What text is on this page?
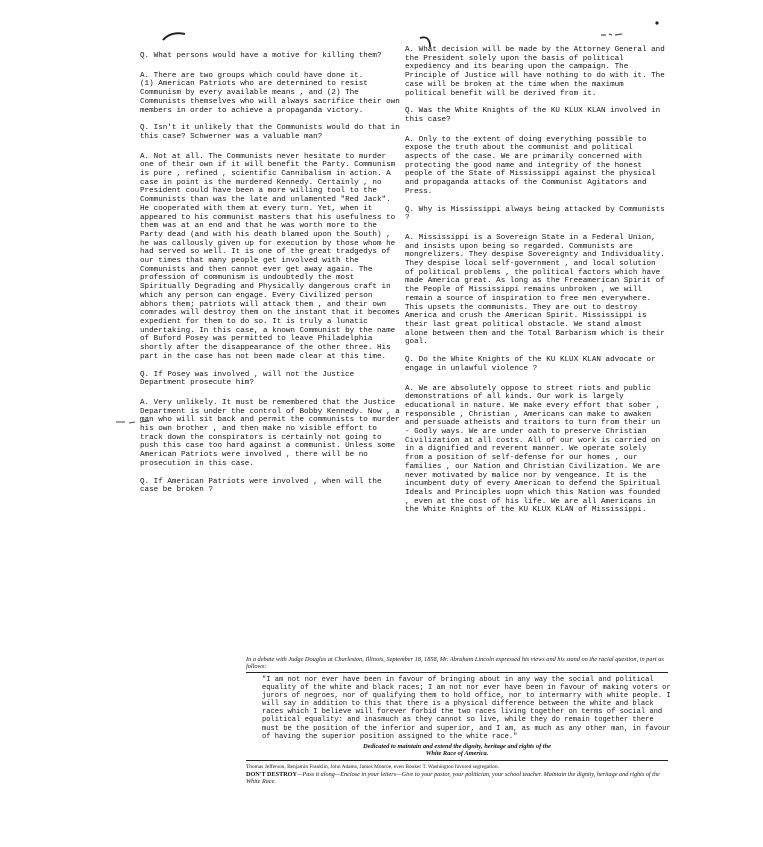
Q. What persons would have a motive for killing them?

A. There are two groups which could have done it.
(1) American Patriots who are determined to resist Communism by every available means , and (2) The Communists themselves who will always sacrifice their own members in order to achieve a propaganda victory.

Q. Isn't it unlikely that the Communists would do that in this case? Schwerner was a valuable man?

A. Not at all. The Communists never hesitate to murder one of their own if it will benefit the Party. Communism is pure , refined , scientific Cannibalism in action. A case in point is the murdered Kennedy. Certainly , no President could have been a more willing tool to the Communists than was the late and unlamented "Red Jack". He cooperated with them at every turn. Yet, when it appeared to his communist masters that his usefulness to them was at an end and that he was worth more to the Party dead (and with his death blamed upon the South) , he was callously given up for execution by those whom he had served so well. It is one of the great tradgedys of our times that many people get involved with the Communists and then cannot ever get away again. The profession of communism is undoubtedly the most Spiritually Degrading and Physically dangerous craft in which any person can engage. Every Civilized person abhors them; patriots will attack them , and their own comrades will destroy them on the instant that it becomes expedient for them to do so. It is truly a lunatic undertaking. In this case, a known Communist by the name of Buford Posey was permitted to leave Philadelphia shortly after the disappearance of the other three. His part in the case has not been made clear at this time.

Q. If Posey was involved , will not the Justice Department prosecute him?

A. Very unlikely. It must be remembered that the Justice Department is under the control of Bobby Kennedy. Now , a man who will sit back and permit the communists to murder his own brother , and then make no visible effort to track down the conspirators is certainly not going to push this case too hard against a communist. Unless some American Patriots were involved , there will be no prosecution in this case.

Q. If American Patriots were involved , when will the case be broken ?

A. What decision will be made by the Attorney General and the President solely upon the basis of political expediency and its bearing upon the campaign. The Principle of Justice will have nothing to do with it. The case will be broken at the time when the maximum political benefit will be derived from it.

Q. Was the White Knights of the KU KLUX KLAN involved in this case?

A. Only to the extent of doing everything possible to expose the truth about the communist and political aspects of the case. We are primarily concerned with protecting the good name and integrity of the honest people of the State of Mississippi against the physical and propaganda attacks of the Communist Agitators and Press.

Q. Why is Mississippi always being attacked by Communists ?

A. Mississippi is a Sovereign State in a Federal Union, and insists upon being so regarded. Communists are mongrelizers. They despise Sovereignty and Individuality. They despise local self-government , and local solution of political problems , the political factors which have made America great. As long as the Freeamerican Spirit of the People of Mississippi remains unbroken , we will remain a source of inspiration to free men everywhere. This upsets the communists. They are out to destroy America and crush the American Spirit. Mississippi is their last great political obstacle. We stand almost alone between them and the Total Barbarism which is their goal.

Q. Do the White Knights of the KU KLUX KLAN advocate or engage in unlawful violence ?

A. We are absolutely oppose to street riots and public demonstrations of all kinds. Our work is largely educational in nature. We make every effort that sober , responsible , Christian , Americans can make to awaken and persuade atheists and traitors to turn from their un - Godly ways. We are under oath to preserve Christian Civilization at all costs. All of our work is carried on in a dignified and reverent manner. We operate solely from a position of self-defense for our homes , our families , our Nation and Christian Civilization. We are never motivated by malice nor by vengeance. It is the incumbent duty of every American to defend the Spiritual Ideals and Principles uopn which this Nation was founded , even at the cost of his life. We are all Americans in the White Knights of the KU KLUX KLAN of Mississippi.

In a debate with Judge Douglas at Charleston, Illinois, September 18, 1858, Mr. Abraham Lincoln expressed his views and his stand on the racial question, in part as follows:

"I am not nor ever have been in favour of bringing about in any way the social and political equality of the white and black races; I am not nor ever have been in favour of making voters or jurors of negroes, nor of qualifying them to hold office, nor to intermarry with white people. I will say in addition to this that there is a physical difference between the white and black races which I believe will forever forbid the two races living together on terms of social and political equality: and inasmuch as they cannot so live, while they do remain together there must be the position of the inferior and superior, and I am, as much as any other man, in favour of having the superior position assigned to the white race."

Dedicated to maintain and extend the dignity, heritage and rights of the
White Race of America.

Thomas Jefferson, Benjamin Franklin, John Adams, James Monroe, even Booker T. Washington favored segregation.

DON'T DESTROY—Pass it along—Enclose in your letters—Give to your pastor, your politician, your school teacher. Maintain the dignity, heritage and rights of the White Race.
